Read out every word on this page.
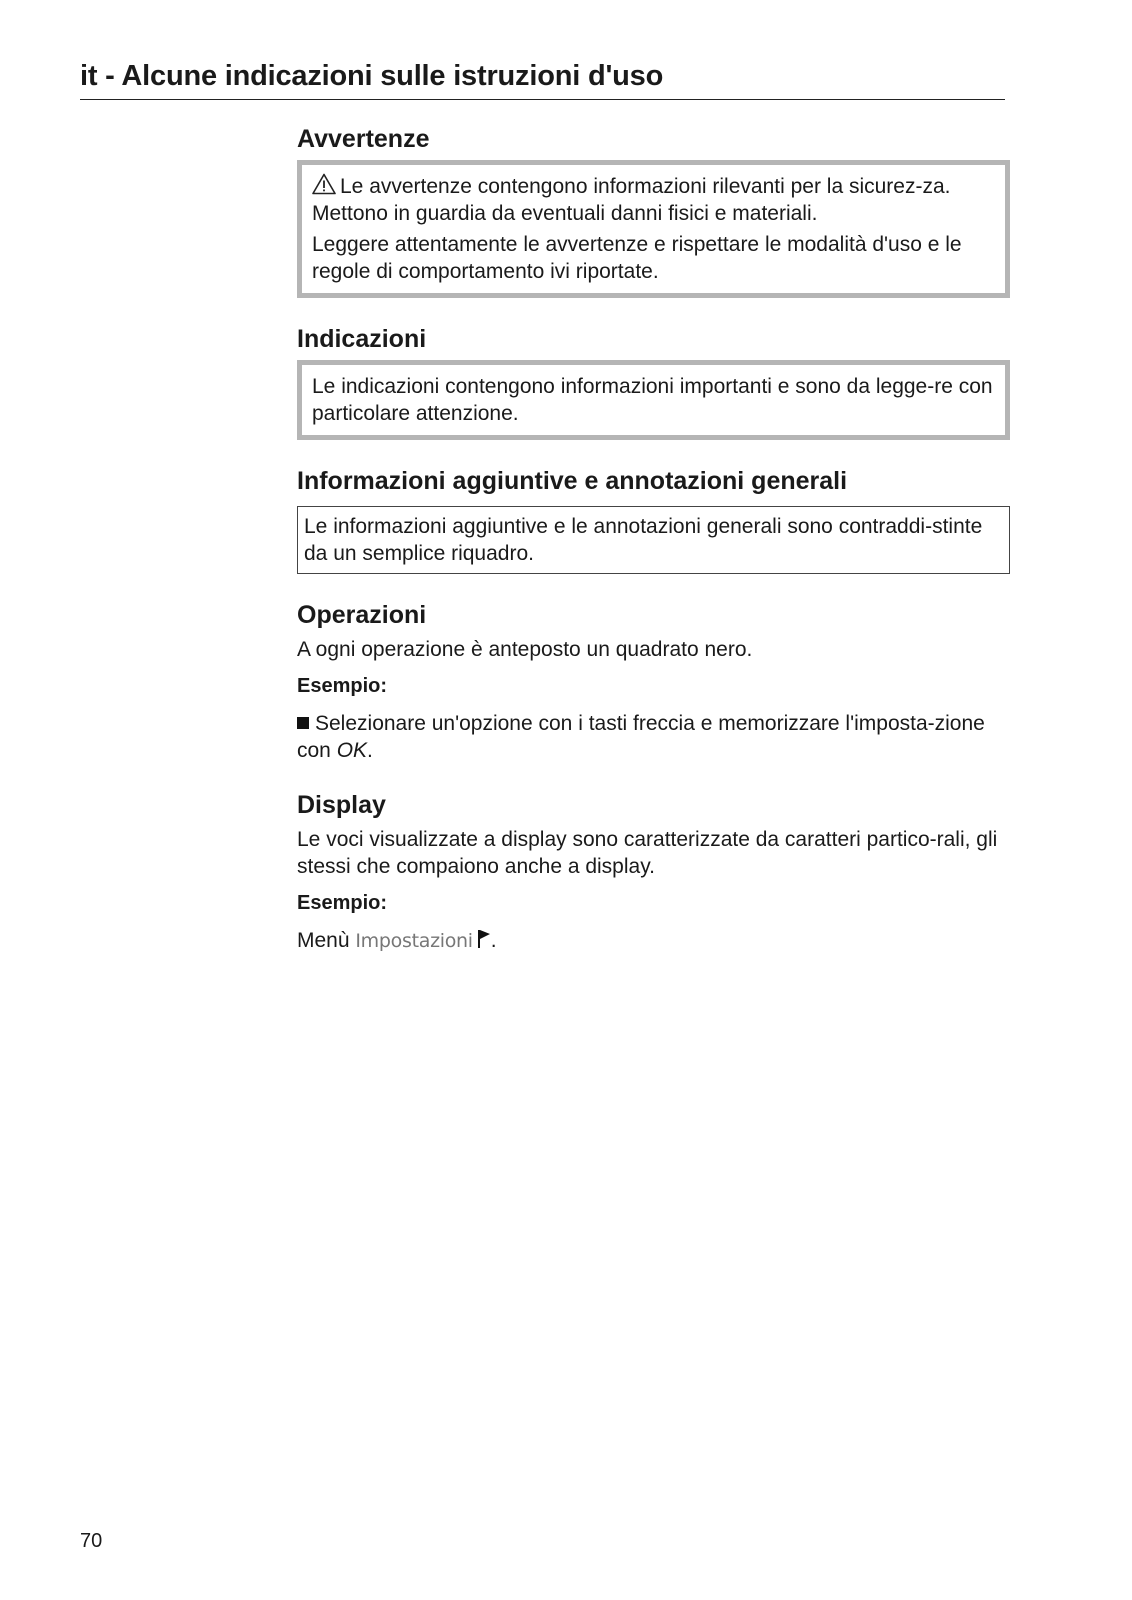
it - Alcune indicazioni sulle istruzioni d'uso
Avvertenze

Le avvertenze contengono informazioni rilevanti per la sicurez-za. Mettono in guardia da eventuali danni fisici e materiali.

Leggere attentamente le avvertenze e rispettare le modalità d'uso e le regole di comportamento ivi riportate.

Indicazioni

Le indicazioni contengono informazioni importanti e sono da legge-re con particolare attenzione.

Informazioni aggiuntive e annotazioni generali

Le informazioni aggiuntive e le annotazioni generali sono contraddi-stinte da un semplice riquadro.

Operazioni

A ogni operazione è anteposto un quadrato nero.

Esempio:

Selezionare un'opzione con i tasti freccia e memorizzare l'imposta-zione con OK.

Display

Le voci visualizzate a display sono caratterizzate da caratteri partico-rali, gli stessi che compaiono anche a display.

Esempio:

Menù Impostazioni .

70
